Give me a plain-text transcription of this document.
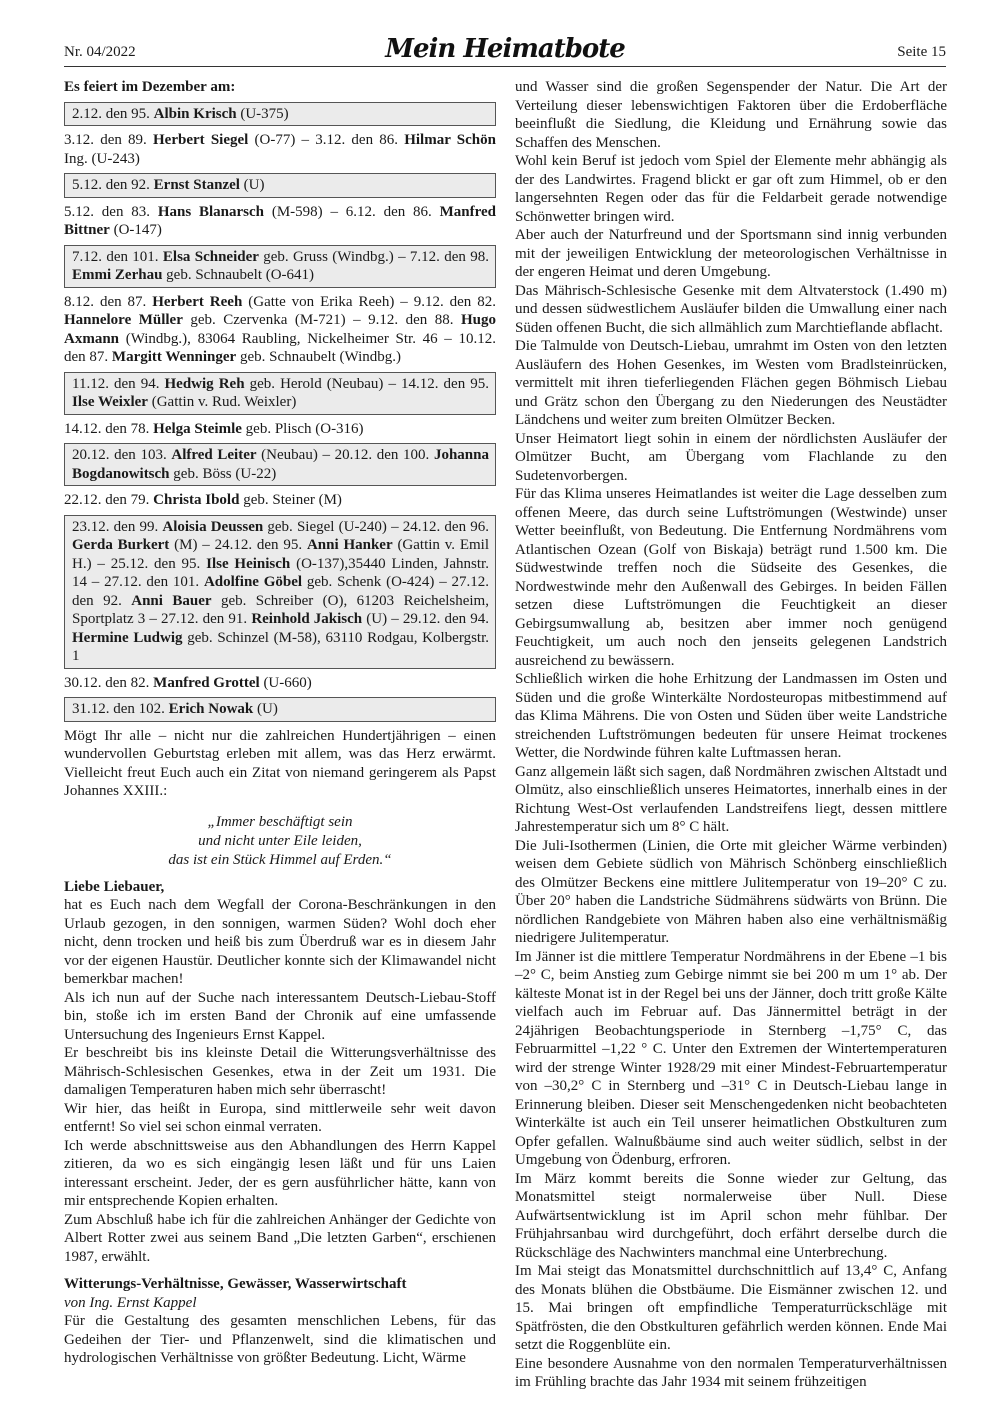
Nr. 04/2022	Mein Heimatbote	Seite 15
Es feiert im Dezember am:
2.12. den 95. Albin Krisch (U-375)
3.12. den 89. Herbert Siegel (O-77) – 3.12. den 86. Hilmar Schön Ing. (U-243)
5.12. den 92. Ernst Stanzel (U)
5.12. den 83. Hans Blanarsch (M-598) – 6.12. den 86. Manfred Bittner (O-147)
7.12. den 101. Elsa Schneider geb. Gruss (Windbg.) – 7.12. den 98. Emmi Zerhau geb. Schnaubelt (O-641)
8.12. den 87. Herbert Reeh (Gatte von Erika Reeh) – 9.12. den 82. Hannelore Müller geb. Czervenka (M-721) – 9.12. den 88. Hugo Axmann (Windbg.), 83064 Raubling, Nickelheimer Str. 46 – 10.12. den 87. Margitt Wenninger geb. Schnaubelt (Windbg.)
11.12. den 94. Hedwig Reh geb. Herold (Neubau) – 14.12. den 95. Ilse Weixler (Gattin v. Rud. Weixler)
14.12. den 78. Helga Steimle geb. Plisch (O-316)
20.12. den 103. Alfred Leiter (Neubau) – 20.12. den 100. Johanna Bogdanowitsch geb. Böss (U-22)
22.12. den 79. Christa Ibold geb. Steiner (M)
23.12. den 99. Aloisia Deussen geb. Siegel (U-240) – 24.12. den 96. Gerda Burkert (M) – 24.12. den 95. Anni Hanker (Gattin v. Emil H.) – 25.12. den 95. Ilse Heinisch (O-137),35440 Linden, Jahnstr. 14 – 27.12. den 101. Adolfine Göbel geb. Schenk (O-424) – 27.12. den 92. Anni Bauer geb. Schreiber (O), 61203 Reichelsheim, Sportplatz 3 – 27.12. den 91. Reinhold Jakisch (U) – 29.12. den 94. Hermine Ludwig geb. Schinzel (M-58), 63110 Rodgau, Kolbergstr. 1
30.12. den 82. Manfred Grottel (U-660)
31.12. den 102. Erich Nowak (U)

Mögt Ihr alle – nicht nur die zahlreichen Hundertjährigen – einen wundervollen Geburtstag erleben mit allem, was das Herz erwärmt. Vielleicht freut Euch auch ein Zitat von niemand geringerem als Papst Johannes XXIII.:

„Immer beschäftigt sein
und nicht unter Eile leiden,
das ist ein Stück Himmel auf Erden.“
Liebe Liebauer,

hat es Euch nach dem Wegfall der Corona-Beschränkungen in den Urlaub gezogen, in den sonnigen, warmen Süden? Wohl doch eher nicht, denn trocken und heiß bis zum Überdruß war es in diesem Jahr vor der eigenen Haustür. Deutlicher konnte sich der Klimawandel nicht bemerkbar machen!

Als ich nun auf der Suche nach interessantem Deutsch-Liebau-Stoff bin, stoße ich im ersten Band der Chronik auf eine umfassende Untersuchung des Ingenieurs Ernst Kappel.

Er beschreibt bis ins kleinste Detail die Witterungsverhältnisse des Mährisch-Schlesischen Gesenkes, etwa in der Zeit um 1931. Die damaligen Temperaturen haben mich sehr überrascht!

Wir hier, das heißt in Europa, sind mittlerweile sehr weit davon entfernt! So viel sei schon einmal verraten.

Ich werde abschnittsweise aus den Abhandlungen des Herrn Kappel zitieren, da wo es sich eingängig lesen läßt und für uns Laien interessant erscheint. Jeder, der es gern ausführlicher hätte, kann von mir entsprechende Kopien erhalten.

Zum Abschluß habe ich für die zahlreichen Anhänger der Gedichte von Albert Rotter zwei aus seinem Band „Die letzten Garben“, erschienen 1987, erwählt.

Witterungs-Verhältnisse, Gewässer, Wasserwirtschaft
von Ing. Ernst Kappel

Für die Gestaltung des gesamten menschlichen Lebens, für das Gedeihen der Tier- und Pflanzenwelt, sind die klimatischen und hydrologischen Verhältnisse von größter Bedeutung. Licht, Wärme

und Wasser sind die großen Segenspender der Natur. Die Art der Verteilung dieser lebenswichtigen Faktoren über die Erdoberfläche beeinflußt die Siedlung, die Kleidung und Ernährung sowie das Schaffen des Menschen.

Wohl kein Beruf ist jedoch vom Spiel der Elemente mehr abhängig als der des Landwirtes. Fragend blickt er gar oft zum Himmel, ob er den langersehnten Regen oder das für die Feldarbeit gerade notwendige Schönwetter bringen wird.

Aber auch der Naturfreund und der Sportsmann sind innig verbunden mit der jeweiligen Entwicklung der meteorologischen Verhältnisse in der engeren Heimat und deren Umgebung.

Das Mährisch-Schlesische Gesenke mit dem Altvaterstock (1.490 m) und dessen südwestlichem Ausläufer bilden die Umwallung einer nach Süden offenen Bucht, die sich allmählich zum Marchtieflande abflacht.

Die Talmulde von Deutsch-Liebau, umrahmt im Osten von den letzten Ausläufern des Hohen Gesenkes, im Westen vom Bradlsteinrücken, vermittelt mit ihren tieferliegenden Flächen gegen Böhmisch Liebau und Grätz schon den Übergang zu den Niederungen des Neustädter Ländchens und weiter zum breiten Olmützer Becken.

Unser Heimatort liegt sohin in einem der nördlichsten Ausläufer der Olmützer Bucht, am Übergang vom Flachlande zu den Sudetenvorbergen.

Für das Klima unseres Heimatlandes ist weiter die Lage desselben zum offenen Meere, das durch seine Luftströmungen (Westwinde) unser Wetter beeinflußt, von Bedeutung. Die Entfernung Nordmährens vom Atlantischen Ozean (Golf von Biskaja) beträgt rund 1.500 km. Die Südwestwinde treffen noch die Südseite des Gesenkes, die Nordwestwinde mehr den Außenwall des Gebirges. In beiden Fällen setzen diese Luftströmungen die Feuchtigkeit an dieser Gebirgsumwallung ab, besitzen aber immer noch genügend Feuchtigkeit, um auch noch den jenseits gelegenen Landstrich ausreichend zu bewässern.

Schließlich wirken die hohe Erhitzung der Landmassen im Osten und Süden und die große Winterkälte Nordosteuropas mitbestimmend auf das Klima Mährens. Die von Osten und Süden über weite Landstriche streichenden Luftströmungen bedeuten für unsere Heimat trockenes Wetter, die Nordwinde führen kalte Luftmassen heran.

Ganz allgemein läßt sich sagen, daß Nordmähren zwischen Altstadt und Olmütz, also einschließlich unseres Heimatortes, innerhalb eines in der Richtung West-Ost verlaufenden Landstreifens liegt, dessen mittlere Jahrestemperatur sich um 8° C hält.

Die Juli-Isothermen (Linien, die Orte mit gleicher Wärme verbinden) weisen dem Gebiete südlich von Mährisch Schönberg einschließlich des Olmützer Beckens eine mittlere Julitemperatur von 19–20° C zu. Über 20° haben die Landstriche Südmährens südwärts von Brünn. Die nördlichen Randgebiete von Mähren haben also eine verhältnismäßig niedrigere Julitemperatur.

Im Jänner ist die mittlere Temperatur Nordmährens in der Ebene –1 bis –2° C, beim Anstieg zum Gebirge nimmt sie bei 200 m um 1° ab. Der kälteste Monat ist in der Regel bei uns der Jänner, doch tritt große Kälte vielfach auch im Februar auf. Das Jännermittel beträgt in der 24jährigen Beobachtungsperiode in Sternberg –1,75° C, das Februarmittel –1,22 ° C. Unter den Extremen der Wintertemperaturen wird der strenge Winter 1928/29 mit einer Mindest-Februartemperatur von –30,2° C in Sternberg und –31° C in Deutsch-Liebau lange in Erinnerung bleiben. Dieser seit Menschengedenken nicht beobachteten Winterkälte ist auch ein Teil unserer heimatlichen Obstkulturen zum Opfer gefallen. Walnußbäume sind auch weiter südlich, selbst in der Umgebung von Ödenburg, erfroren.

Im März kommt bereits die Sonne wieder zur Geltung, das Monatsmittel steigt normalerweise über Null. Diese Aufwärtsentwicklung ist im April schon mehr fühlbar. Der Frühjahrsanbau wird durchgeführt, doch erfährt derselbe durch die Rückschläge des Nachwinters manchmal eine Unterbrechung.

Im Mai steigt das Monatsmittel durchschnittlich auf 13,4° C, Anfang des Monats blühen die Obstbäume. Die Eismänner zwischen 12. und 15. Mai bringen oft empfindliche Temperaturrückschläge mit Spätfrösten, die den Obstkulturen gefährlich werden können. Ende Mai setzt die Roggenblüte ein.

Eine besondere Ausnahme von den normalen Temperaturverhältnissen im Frühling brachte das Jahr 1934 mit seinem frühzeitigen
